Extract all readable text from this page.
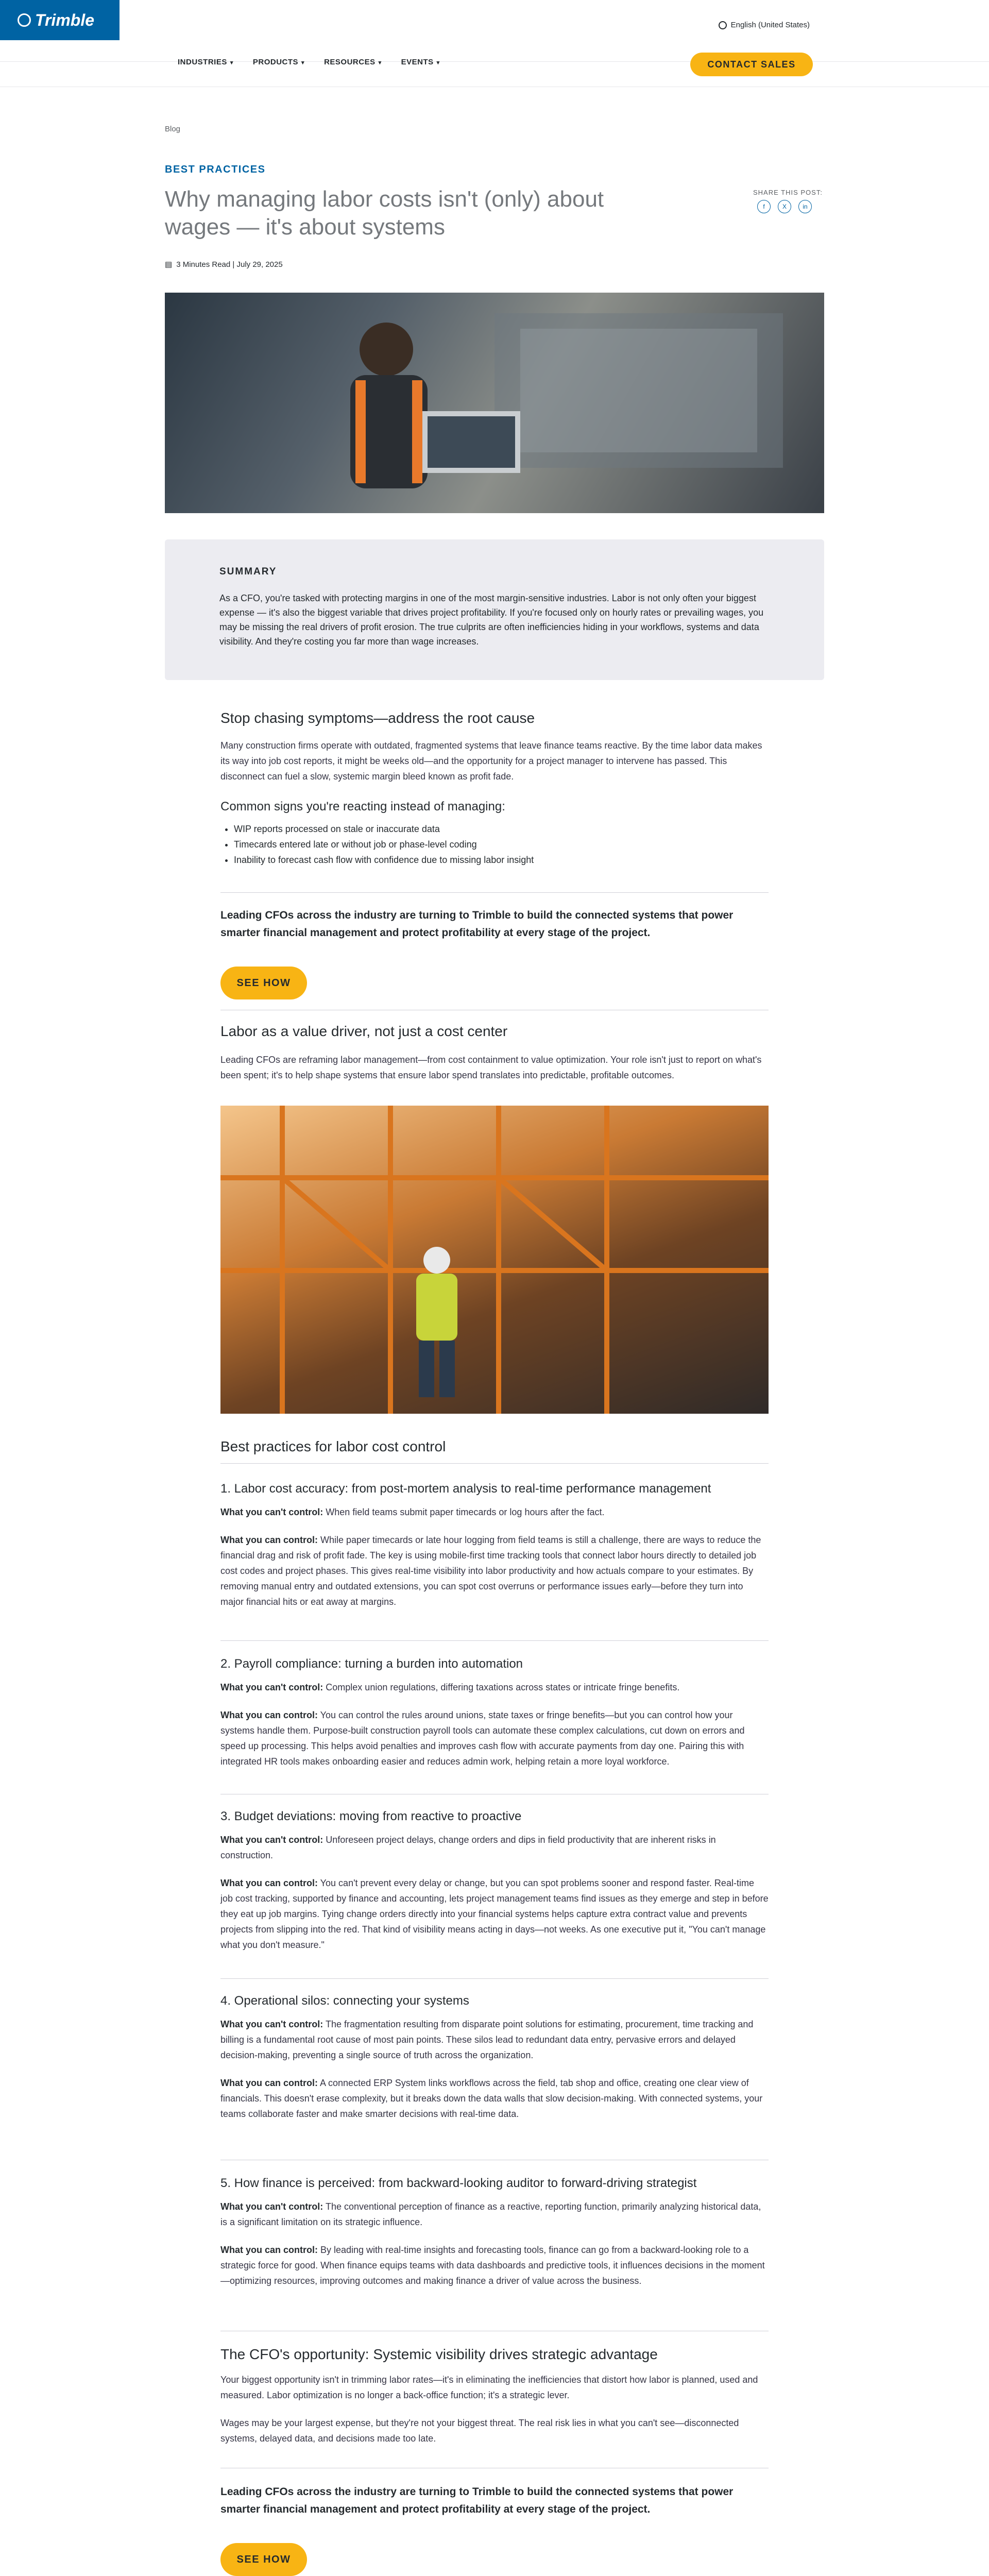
Trimble	English (United States)
INDUSTRIES ▾	PRODUCTS ▾	RESOURCES ▾	EVENTS ▾	CONTACT SALES
Blog
BEST PRACTICES
Why managing labor costs isn't (only) about wages — it's about systems
▤ 3 Minutes Read | July 29, 2025
SHARE THIS POST:
f	X	in
SUMMARY

As a CFO, you're tasked with protecting margins in one of the most margin-sensitive industries. Labor is not only often your biggest expense — it's also the biggest variable that drives project profitability. If you're focused only on hourly rates or prevailing wages, you may be missing the real drivers of profit erosion. The true culprits are often inefficiencies hiding in your workflows, systems and data visibility. And they're costing you far more than wage increases.

Stop chasing symptoms—address the root cause

Many construction firms operate with outdated, fragmented systems that leave finance teams reactive. By the time labor data makes its way into job cost reports, it might be weeks old—and the opportunity for a project manager to intervene has passed. This disconnect can fuel a slow, systemic margin bleed known as profit fade.

Common signs you're reacting instead of managing:
• WIP reports processed on stale or inaccurate data
• Timecards entered late or without job or phase-level coding
• Inability to forecast cash flow with confidence due to missing labor insight

Leading CFOs across the industry are turning to Trimble to build the connected systems that power smarter financial management and protect profitability at every stage of the project.

SEE HOW
Labor as a value driver, not just a cost center

Leading CFOs are reframing labor management—from cost containment to value optimization. Your role isn't just to report on what's been spent; it's to help shape systems that ensure labor spend translates into predictable, profitable outcomes.

Best practices for labor cost control
1. Labor cost accuracy: from post-mortem analysis to real-time performance management

What you can't control: When field teams submit paper timecards or log hours after the fact.

What you can control: While paper timecards or late hour logging from field teams is still a challenge, there are ways to reduce the financial drag and risk of profit fade. The key is using mobile-first time tracking tools that connect labor hours directly to detailed job cost codes and project phases. This gives real-time visibility into labor productivity and how actuals compare to your estimates. By removing manual entry and outdated extensions, you can spot cost overruns or performance issues early—before they turn into major financial hits or eat away at margins.

2. Payroll compliance: turning a burden into automation

What you can't control: Complex union regulations, differing taxations across states or intricate fringe benefits.

What you can control: You can control the rules around unions, state taxes or fringe benefits—but you can control how your systems handle them. Purpose-built construction payroll tools can automate these complex calculations, cut down on errors and speed up processing. This helps avoid penalties and improves cash flow with accurate payments from day one. Pairing this with integrated HR tools makes onboarding easier and reduces admin work, helping retain a more loyal workforce.

3. Budget deviations: moving from reactive to proactive

What you can't control: Unforeseen project delays, change orders and dips in field productivity that are inherent risks in construction.

What you can control: You can't prevent every delay or change, but you can spot problems sooner and respond faster. Real-time job cost tracking, supported by finance and accounting, lets project management teams find issues as they emerge and step in before they eat up job margins. Tying change orders directly into your financial systems helps capture extra contract value and prevents projects from slipping into the red. That kind of visibility means acting in days—not weeks. As one executive put it, "You can't manage what you don't measure."

4. Operational silos: connecting your systems

What you can't control: The fragmentation resulting from disparate point solutions for estimating, procurement, time tracking and billing is a fundamental root cause of most pain points. These silos lead to redundant data entry, pervasive errors and delayed decision-making, preventing a single source of truth across the organization.

What you can control: A connected ERP System links workflows across the field, tab shop and office, creating one clear view of financials. This doesn't erase complexity, but it breaks down the data walls that slow decision-making. With connected systems, your teams collaborate faster and make smarter decisions with real-time data.

5. How finance is perceived: from backward-looking auditor to forward-driving strategist

What you can't control: The conventional perception of finance as a reactive, reporting function, primarily analyzing historical data, is a significant limitation on its strategic influence.

What you can control: By leading with real-time insights and forecasting tools, finance can go from a backward-looking role to a strategic force for good. When finance equips teams with data dashboards and predictive tools, it influences decisions in the moment—optimizing resources, improving outcomes and making finance a driver of value across the business.

The CFO's opportunity: Systemic visibility drives strategic advantage

Your biggest opportunity isn't in trimming labor rates—it's in eliminating the inefficiencies that distort how labor is planned, used and measured. Labor optimization is no longer a back-office function; it's a strategic lever.

Wages may be your largest expense, but they're not your biggest threat. The real risk lies in what you can't see—disconnected systems, delayed data, and decisions made too late.

Leading CFOs across the industry are turning to Trimble to build the connected systems that power smarter financial management and protect profitability at every stage of the project.

SEE HOW
